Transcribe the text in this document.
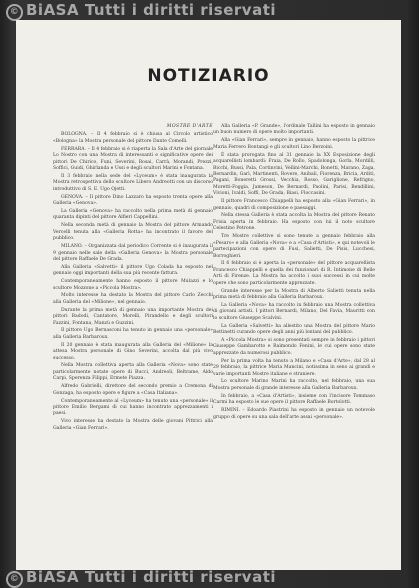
© BiASA Tutti i diritti riservati
NOTIZIARIO
MOSTRE D'ARTE

BOLOGNA. – Il 4 febbraio si è chiusa al Circolo artistico «Bologna» la Mostra personale del pittore Dante Comelli.

FERRARA. – Il 4 febbraio si è riaperta la Sala d'Arte del giornale Lo Nostro con una Mostra di interessanti e significative opere dei pittori De Chirico, Funi, Severini, Rosai, Carrà, Morandi, Prezzi, Soffici, Guidi, Ghirlanda e Ussi e degli scultori Marini e Fontana.

Il 3 febbraio nella sede del «Lyceum» è stata inaugurata la Mostra retrospettiva dello scultore Libero Andreotti con un discorso introduttivo di S. E. Ugo Ojetti.

GENOVA. – Il pittore Dino Lazzaro ha esposto trenta opere alla Galleria «Genova».

La Galleria «Genova» ha raccolto nella prima metà di gennaio quaranta dipinti del pittore Alfieri Cappellini.

Nella seconda metà di gennaio la Mostra del pittore Armando Vercelli tenuta alla «Galleria Rotta» ha incontrato il favore del pubblico.

MILANO. – Organizzata dal periodico Corrente si è inaugurata il 9 gennaio nelle sale della «Galleria Genova» la Mostra personale del pittore Raffaele De Grada.

Alla Galleria «Salvetti» il pittore Ugo Colada ha esposto nel gennaio oggi importanti della sua più recente fattura.

Contemporaneamente hanno esposto il pittore Mulazzi e lo scultore Mozzone a «Piccola Mostra».

Molto interesse ha destato la Mostra del pittore Carlo Zecchi alla Galleria del «Milione», nel gennaio.

Durante la prima metà di gennaio una importante Mostra dei pittori Badodi, Cantatore, Morelli, Pirandello e degli scultori Fazzini, Fontana, Manzù e Guzzini.

Il pittore Ugo Bernasconi ha tenuto in gennaio una «personale» alla Galleria Barbaroux.

Il 20 gennaio è stata inaugurata alla Galleria del «Milione» la attesa Mostra personale di Gino Severini, accolta dal più vivo successo.

Nella Mostra collettiva aperta alla Galleria «Nova» sono state particolarmente notate opere di Bucci, Andreoli, Beltrame, Aldo Carpi, Sperenza Filippi, Ermete Piazza.

Alfredo Gabrielli, direttore del secondo premio a Cremona di Gonzaga, ha esposto opere e figure a «Casa Italiana».

Contemporaneamente al «Lyceum» ha tenuto una «personale» il pittore Emilio Bergami di cui hanno incontrato apprezzamenti i paesi.

Vivo interesse ha destato la Mostra delle giovani Pittrici alla Galleria «Gian Ferrari».

Alla Galleria «P. Grande», l'ordinale Tallini ha esposto in gennaio un buon numero di opere molto importanti.

Alla «Gian Ferrari», sempre in gennaio, hanno esposto la pittrice Maria Ferrero Bontangi e gli scultori Lino Berzoini.

È stata prorogata fino al 31 gennaio la XX Esposizione degli acquarellisti lombardi: Fraia, De Rollo, Spadolonga, Gorla, Mordilli, Bicchi, Bussi, Pala, Cortinvini, Vellini-Marchi, Bonetti, Marano, Zaga, Bernardin, Garì, Martinenti, Rovere, Anibali, Fiorenza, Bricia, Arditi, Pagani, Boneretti Grossi, Vecchia, Rosso, Gariglione, Refrigno, Moretti-Foggia, Jameson, De Bernardi, Paolini, Parisi, Bendillini, Vivioni, Ivaldi, Soffi, De Grada, Biasi, Floccasini.

Il pittore Francesco Chiappelli ha esposto alla «Gian Ferrari», in gennaio, quadri di composizione e paesaggi.

Nella stessa Galleria è stata accolta la Mostra del pittore Renato Frisia aperta in febbraio. Ha esposto con lui il noto scultore Celestino Petrone.

Tre Mostre collettive si sono tenute a gennaio febbraio alla «Pesaro» e alla Galleria «Nova» e a «Casa d'Artisti», e qui notevoli le partecipazioni con opere di Fusi, Salietti, De Pisis, Lucchesi, Borroghieri.

Il 6 febbraio si è aperta la «personale» del pittore acquarellista Francesco Chiappelli e quella dei funzionari di R. Intimone di Belle Arti di Firenze. La Mostra ha accolto i suoi successi in cui molte opere che sono particolarmente apprezzate.

Grande interesse per la Mostra di Alberto Salietti tenuta nella prima metà di febbraio alla Galleria Barbaroux.

La Galleria «Nova» ha raccolto in febbraio una Mostra collettiva di giovani artisti. I pittori Bernardi, Milano, Del Favia, Mauritti con lo scultore Giuseppe Scalvini.

La Galleria «Salvetti» ha allestito una Mostra del pittore Mario Bettinetti curando opere degli anni più lontani del pubblico.

A «Piccola Mostra» si sono presentati sempre in febbraio i pittori Giuseppe Gambarotto e Raimondo Fenini, le cui opere sono state apprezzate da numerosi pubblico.

Per la prima volta ha tenuto a Milano e «Casa d'Arte», dal 28 al 29 febbraio, la pittrice Maria Mancini, notissima in seno ai grandi e varie importanti Mostre italiane e straniere.

Lo scultore Marino Marini ha raccolto, nel febbraio, una sua Mostra personale di grande interesse alla Galleria Barbaroux.

In febbraio, a «Casa d'Artisti», insieme con l'incisore Tommaso Carmi ha esposto le sue opere il pittore Raffaele Bortolotti.

RIMINI. – Edoardo Piastrini ha esposto in gennaio un notevole gruppo di opere su una sala dell'arte assai «personale».

© BiASA Tutti i diritti riservati
